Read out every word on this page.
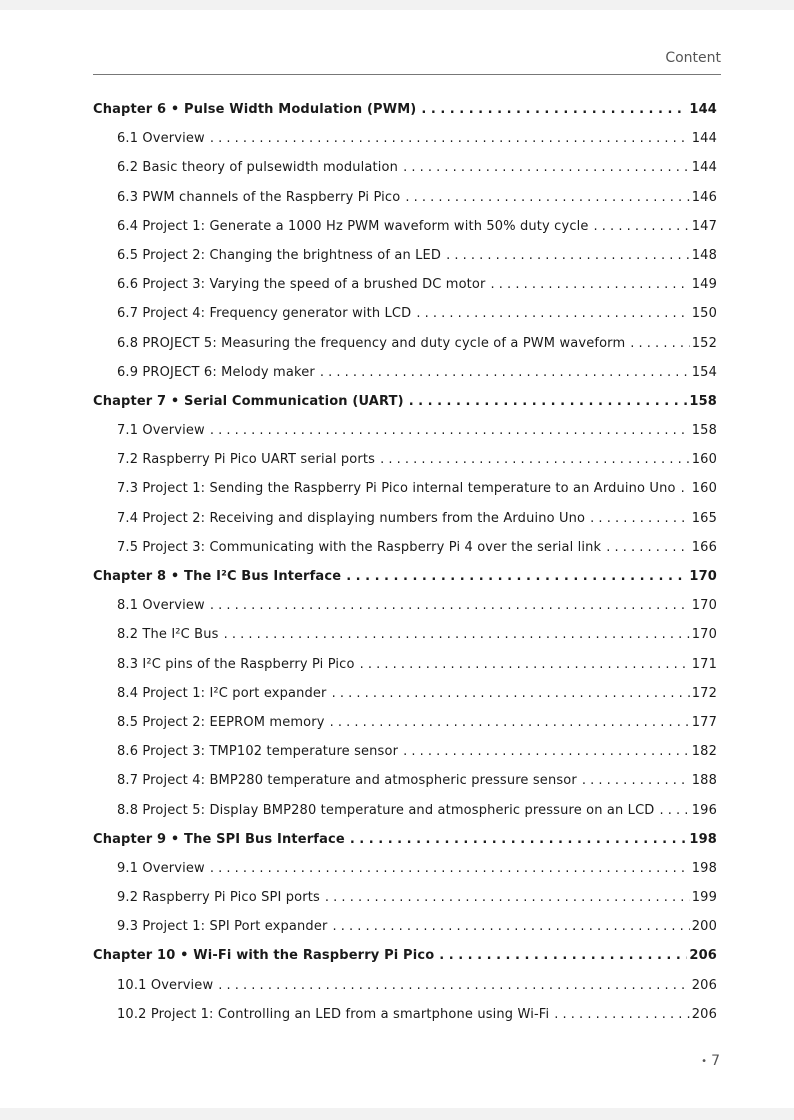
Content
Chapter 6 • Pulse Width Modulation (PWM) . . .	144
6.1 Overview . . .	144
6.2 Basic theory of pulsewidth modulation . . .	144
6.3 PWM channels of the Raspberry Pi Pico . . .	146
6.4 Project 1: Generate a 1000 Hz PWM waveform with 50% duty cycle . . .	147
6.5 Project 2: Changing the brightness of an LED . . .	148
6.6 Project 3: Varying the speed of a brushed DC motor . . .	149
6.7 Project 4: Frequency generator with LCD . . .	150
6.8 PROJECT 5: Measuring the frequency and duty cycle of a PWM waveform . . .	152
6.9 PROJECT 6: Melody maker . . .	154
Chapter 7 • Serial Communication (UART) . . .	158
7.1 Overview . . .	158
7.2 Raspberry Pi Pico UART serial ports . . .	160
7.3 Project 1: Sending the Raspberry Pi Pico internal temperature to an Arduino Uno . . . 160
7.4 Project 2: Receiving and displaying numbers from the Arduino Uno . . .	165
7.5 Project 3: Communicating with the Raspberry Pi 4 over the serial link . . .	166
Chapter 8 • The I²C Bus Interface . . .	170
8.1 Overview . . .	170
8.2 The I²C Bus . . .	170
8.3 I²C pins of the Raspberry Pi Pico . . .	171
8.4 Project 1: I²C port expander . . .	172
8.5 Project 2: EEPROM memory . . .	177
8.6 Project 3: TMP102 temperature sensor . . .	182
8.7 Project 4: BMP280 temperature and atmospheric pressure sensor . . .	188
8.8 Project 5: Display BMP280 temperature and atmospheric pressure on an LCD . . .	196
Chapter 9 • The SPI Bus Interface . . .	198
9.1 Overview . . .	198
9.2 Raspberry Pi Pico SPI ports . . .	199
9.3 Project 1: SPI Port expander . . .	200
Chapter 10 • Wi-Fi with the Raspberry Pi Pico . . .	206
10.1 Overview . . .	206
10.2 Project 1: Controlling an LED from a smartphone using Wi-Fi . . .	206
• 7
